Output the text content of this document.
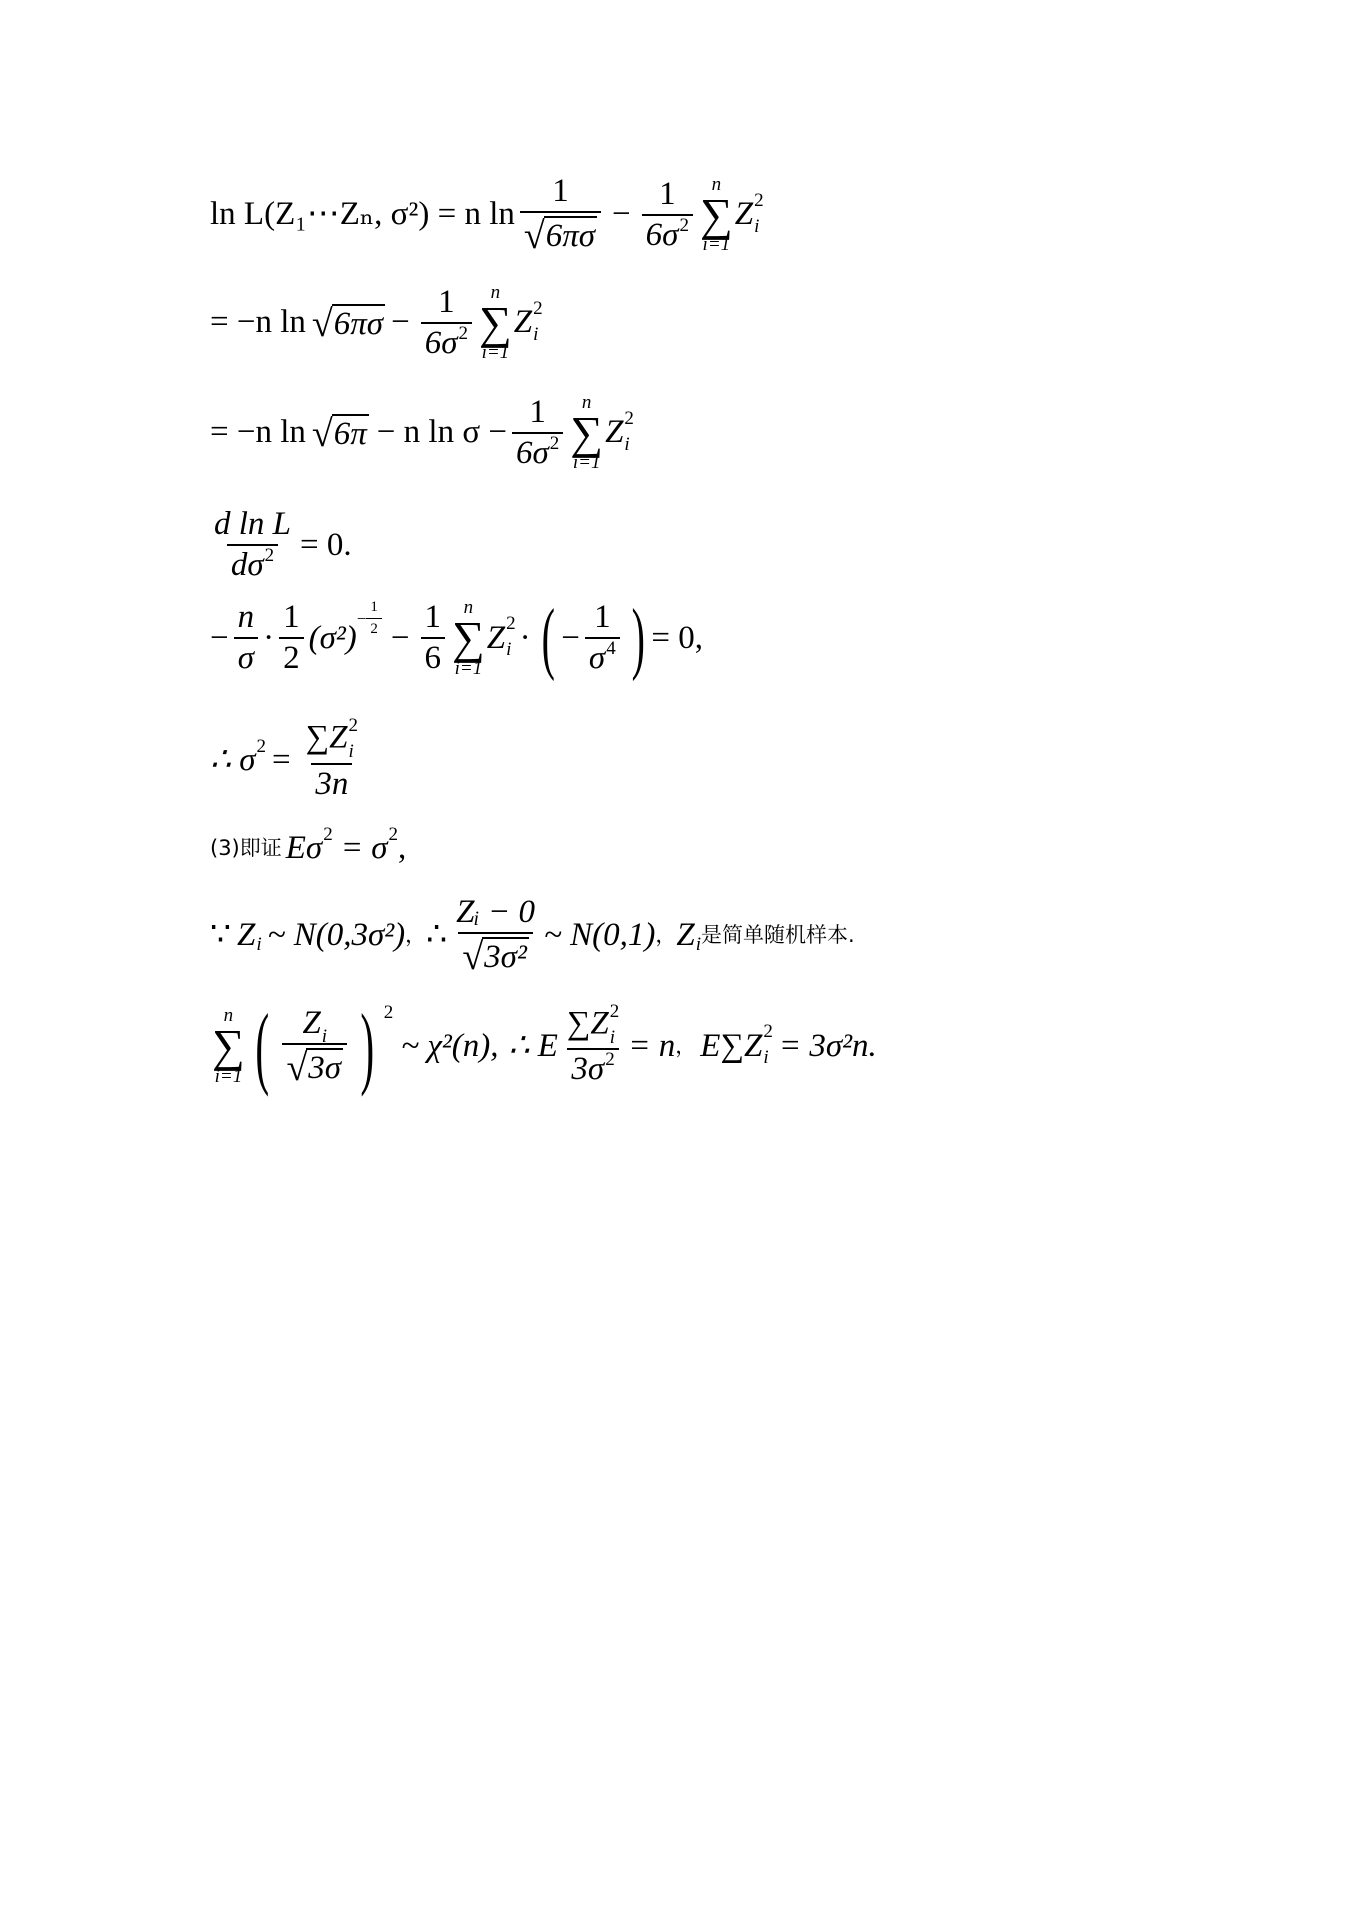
ln L(Z₁⋯Zₙ, σ²) = n $\ln \frac{1}{√ 6\pi\sigma} - \frac{1}{6\sigma^2}$ n
∑
i=1
Z 2
i
= −n ln √ $6\pi\sigma - \frac{1}{6\sigma^2}$ n
∑
i=1
Z 2
i
= −n ln √ 6π − n $\ln \sigma - \frac{1}{6\sigma^2}$ n
∑
i=1
Z 2
i
$\frac{\text{d ln L}}{d\sigma^2} = 0$.
− $\frac{n}{\sigma} \cdot \frac{1}{2} (\sigma^2)$
− $\frac{1}{2}$
− $\frac{1}{6}$ n
∑
i=1
Z 2
i · ( − $\frac{1}{\sigma^4}$ ) = 0,
∴ σ 2 = ∑Z 2
i
3n
(3)即证 Eσ 2 = σ 2 ,
∵ Z i ~ N(0,3σ²) ， ∴ $\frac{\text{Zᵢ − 0}}{\text{√ 3σ²}}$ ~ N(0,1) ， Z i 是简单随机样本.
n
∑
i=1 ( $\frac{Z_i}{√ 3\sigma}$ ) 2
~ χ²(n), ∴ E ∑Z 2
i
$3\sigma^2 = n$ ， E∑Z 2
i = 3σ²n.
